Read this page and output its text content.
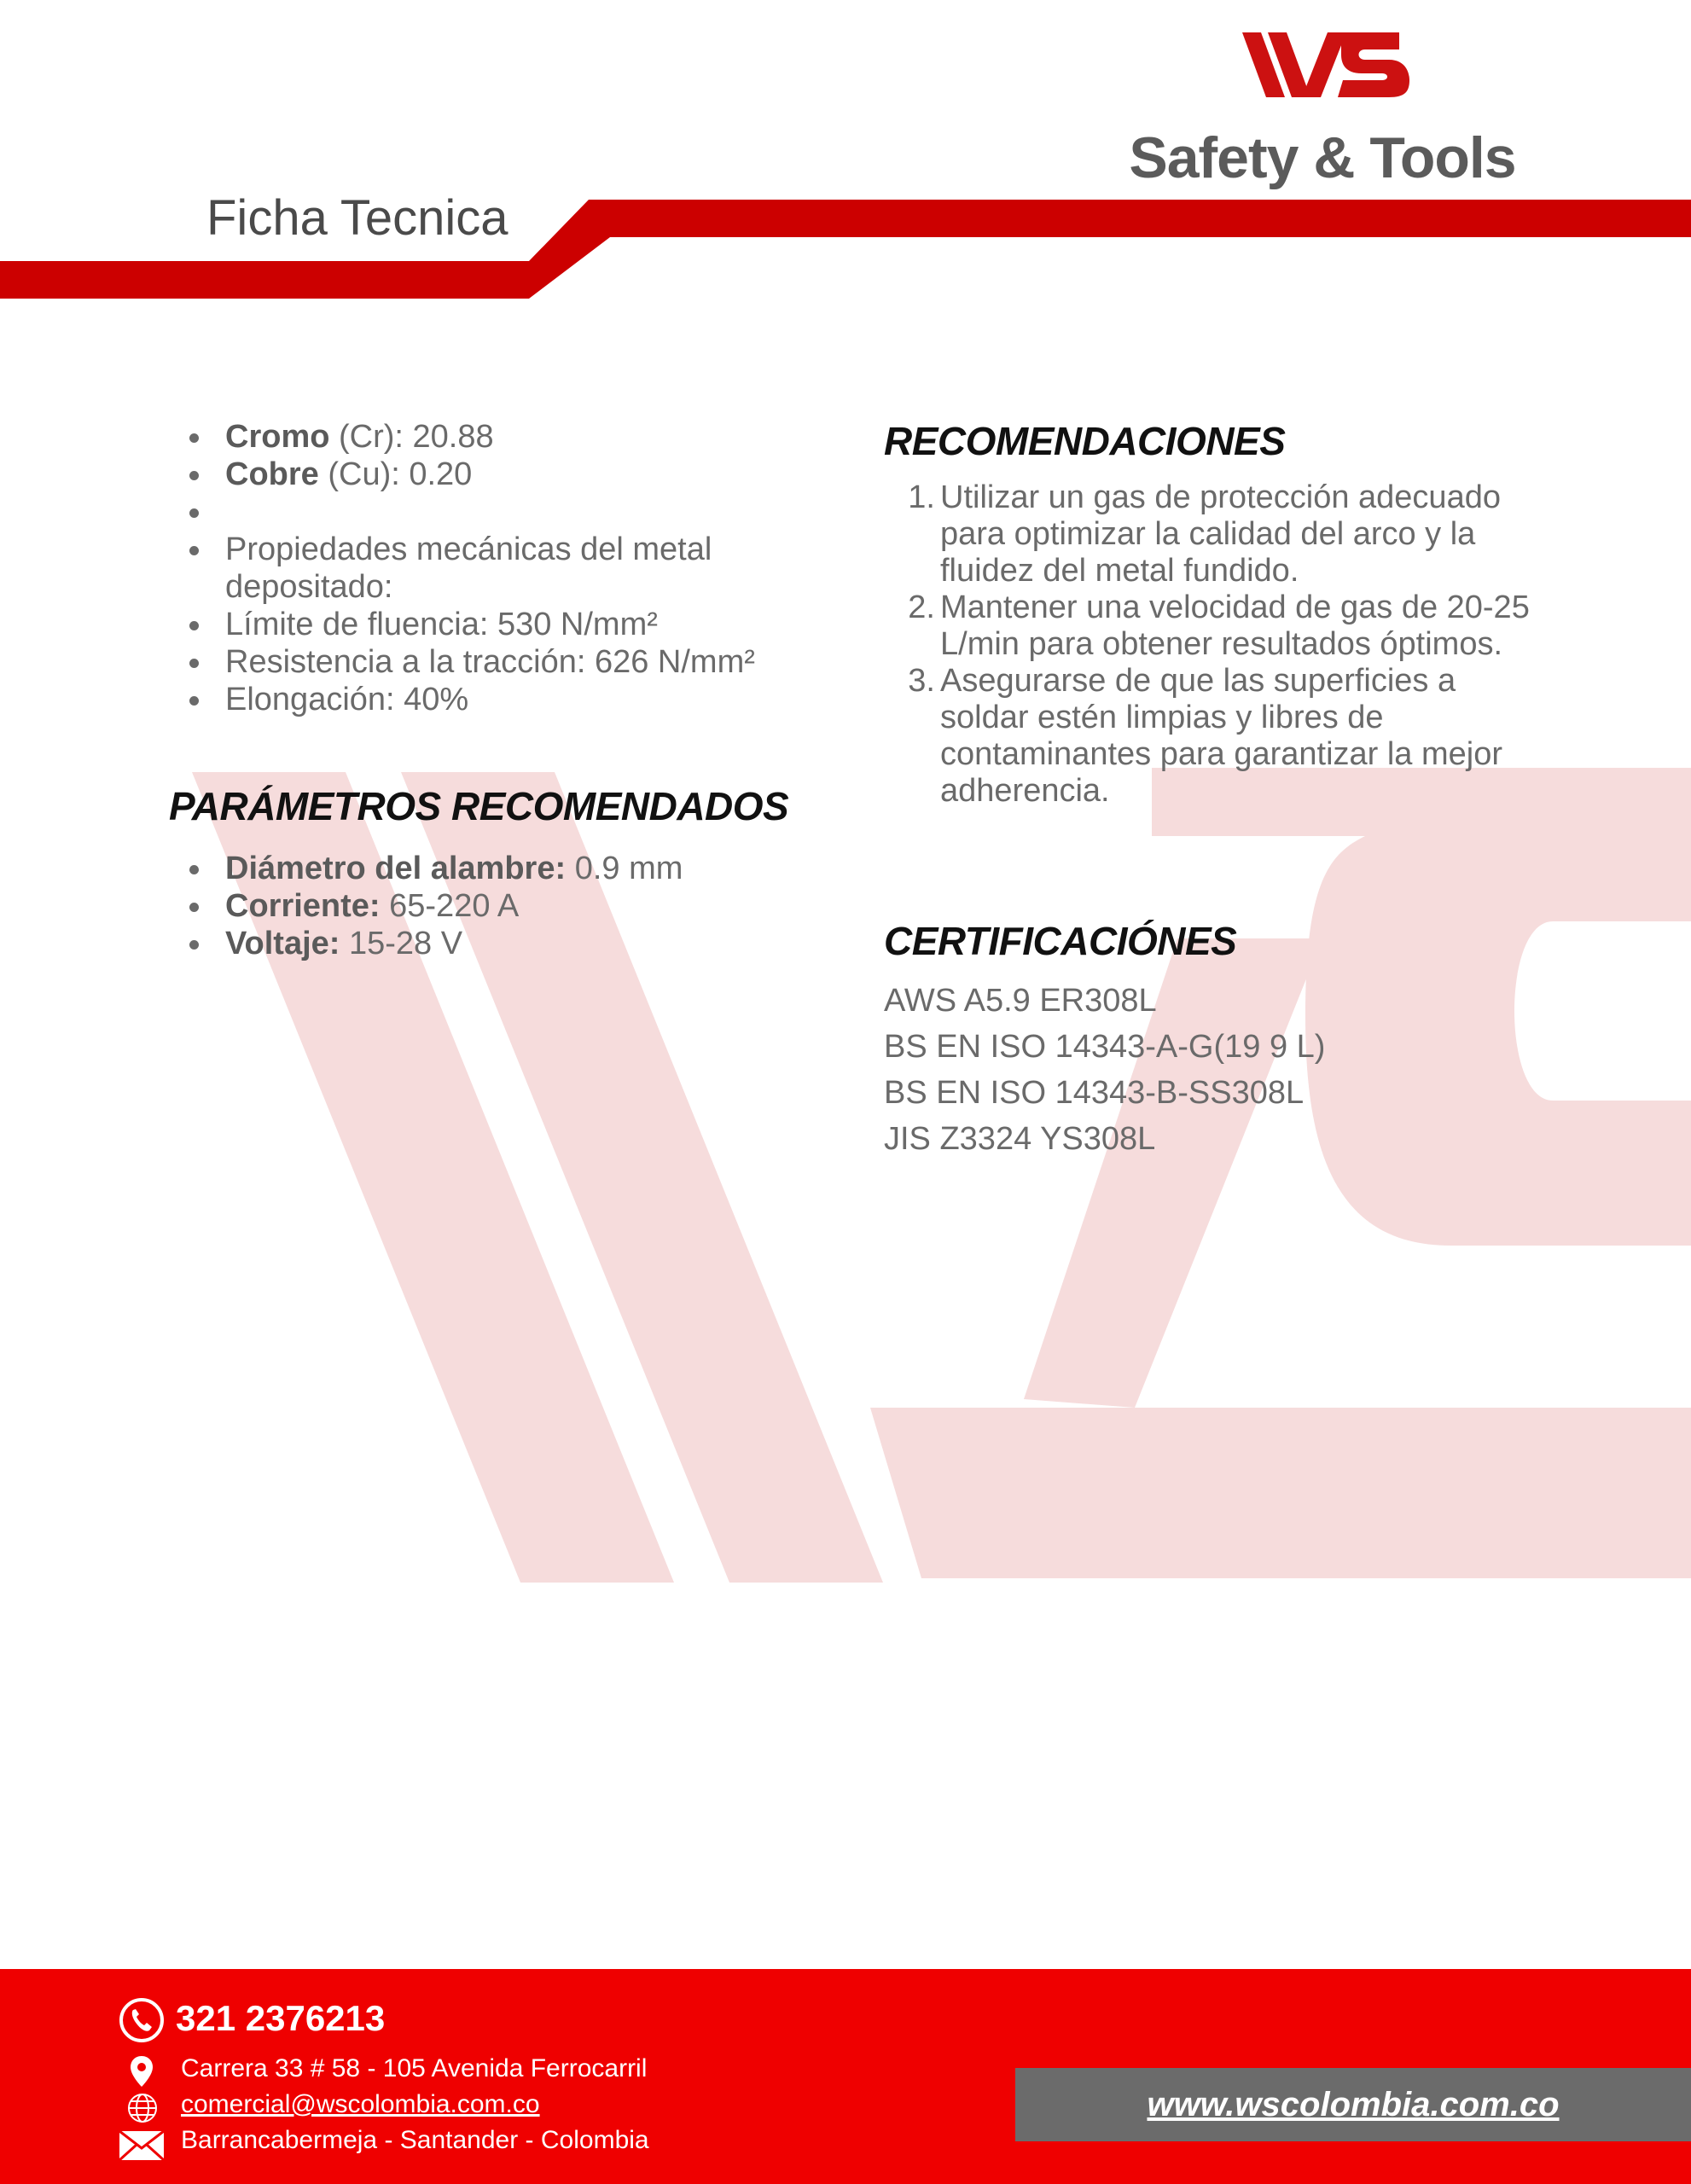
Ficha Tecnica
WS
Safety & Tools
Cromo (Cr): 20.88
Cobre (Cu): 0.20
Propiedades mecánicas del metal depositado:
Límite de fluencia: 530 N/mm²
Resistencia a la tracción: 626 N/mm²
Elongación: 40%
PARÁMETROS RECOMENDADOS
Diámetro del alambre: 0.9 mm
Corriente: 65-220 A
Voltaje: 15-28 V
RECOMENDACIONES
1. Utilizar un gas de protección adecuado para optimizar la calidad del arco y la fluidez del metal fundido.
2. Mantener una velocidad de gas de 20-25 L/min para obtener resultados óptimos.
3. Asegurarse de que las superficies a soldar estén limpias y libres de contaminantes para garantizar la mejor adherencia.
CERTIFICACIÓNES
AWS A5.9 ER308L
BS EN ISO 14343-A-G(19 9 L)
BS EN ISO 14343-B-SS308L
JIS Z3324 YS308L
321 2376213
Carrera 33 # 58 - 105 Avenida Ferrocarril
comercial@wscolombia.com.co
Barrancabermeja - Santander - Colombia
www.wscolombia.com.co
